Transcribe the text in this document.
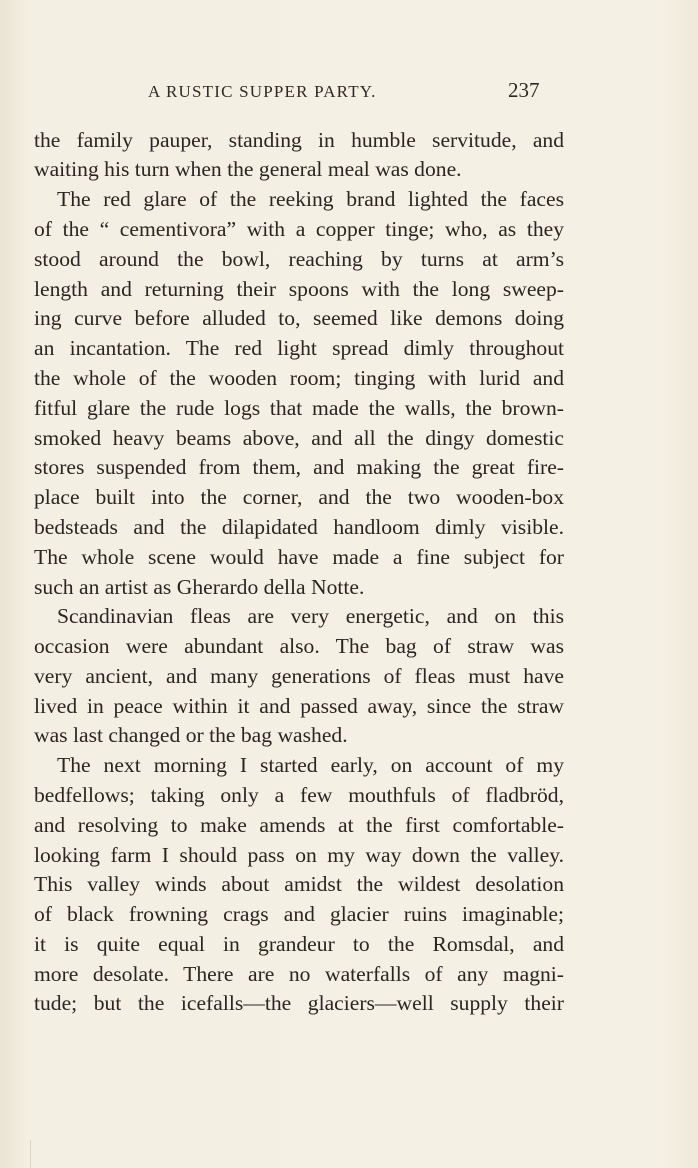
A RUSTIC SUPPER PARTY.	237
the family pauper, standing in humble servitude, and
waiting his turn when the general meal was done.
The red glare of the reeking brand lighted the faces
of the “ cementivora” with a copper tinge; who, as they
stood around the bowl, reaching by turns at arm’s
length and returning their spoons with the long sweep-
ing curve before alluded to, seemed like demons doing
an incantation. The red light spread dimly throughout
the whole of the wooden room; tinging with lurid and
fitful glare the rude logs that made the walls, the brown-
smoked heavy beams above, and all the dingy domestic
stores suspended from them, and making the great fire-
place built into the corner, and the two wooden-box
bedsteads and the dilapidated handloom dimly visible.
The whole scene would have made a fine subject for
such an artist as Gherardo della Notte.
Scandinavian fleas are very energetic, and on this
occasion were abundant also. The bag of straw was
very ancient, and many generations of fleas must have
lived in peace within it and passed away, since the straw
was last changed or the bag washed.
The next morning I started early, on account of my
bedfellows; taking only a few mouthfuls of fladbröd,
and resolving to make amends at the first comfortable-
looking farm I should pass on my way down the valley.
This valley winds about amidst the wildest desolation
of black frowning crags and glacier ruins imaginable;
it is quite equal in grandeur to the Romsdal, and
more desolate. There are no waterfalls of any magni-
tude; but the icefalls—the glaciers—well supply their
